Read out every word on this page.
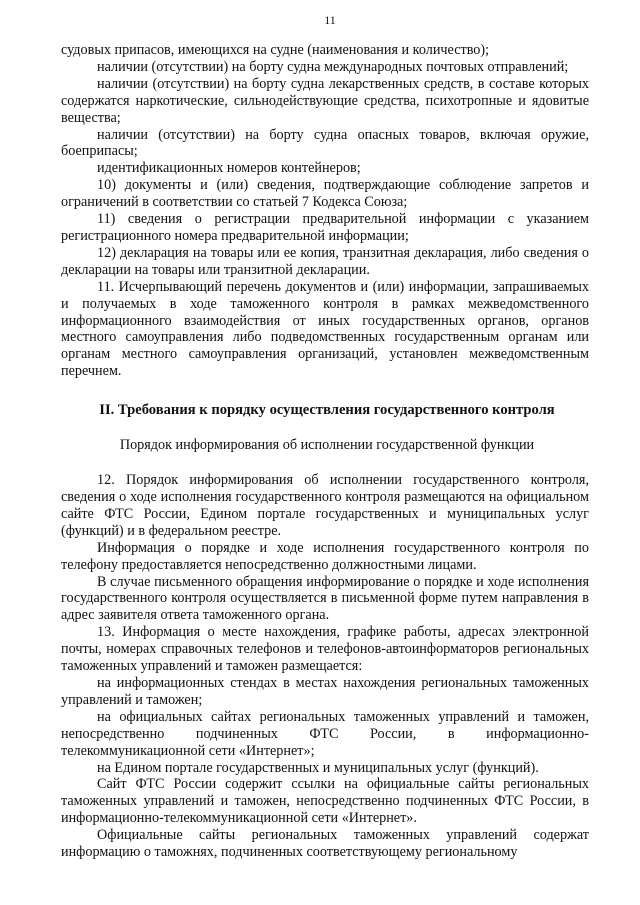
11

судовых припасов, имеющихся на судне (наименования и количество);

наличии (отсутствии) на борту судна международных почтовых отправлений;

наличии (отсутствии) на борту судна лекарственных средств, в составе которых содержатся наркотические, сильнодействующие средства, психотропные и ядовитые вещества;

наличии (отсутствии) на борту судна опасных товаров, включая оружие, боеприпасы;

идентификационных номеров контейнеров;

10) документы и (или) сведения, подтверждающие соблюдение запретов и ограничений в соответствии со статьей 7 Кодекса Союза;

11) сведения о регистрации предварительной информации с указанием регистрационного номера предварительной информации;

12) декларация на товары или ее копия, транзитная декларация, либо сведения о декларации на товары или транзитной декларации.

11. Исчерпывающий перечень документов и (или) информации, запрашиваемых и получаемых в ходе таможенного контроля в рамках межведомственного информационного взаимодействия от иных государственных органов, органов местного самоуправления либо подведомственных государственным органам или органам местного самоуправления организаций, установлен межведомственным перечнем.

II. Требования к порядку осуществления государственного контроля
Порядок информирования об исполнении государственной функции

12. Порядок информирования об исполнении государственного контроля, сведения о ходе исполнения государственного контроля размещаются на официальном сайте ФТС России, Едином портале государственных и муниципальных услуг (функций) и в федеральном реестре.

Информация о порядке и ходе исполнения государственного контроля по телефону предоставляется непосредственно должностными лицами.

В случае письменного обращения информирование о порядке и ходе исполнения государственного контроля осуществляется в письменной форме путем направления в адрес заявителя ответа таможенного органа.

13. Информация о месте нахождения, графике работы, адресах электронной почты, номерах справочных телефонов и телефонов-автоинформаторов региональных таможенных управлений и таможен размещается:

на информационных стендах в местах нахождения региональных таможенных управлений и таможен;

на официальных сайтах региональных таможенных управлений и таможен, непосредственно подчиненных ФТС России, в информационно-телекоммуникационной сети «Интернет»;

на Едином портале государственных и муниципальных услуг (функций).

Сайт ФТС России содержит ссылки на официальные сайты региональных таможенных управлений и таможен, непосредственно подчиненных ФТС России, в информационно-телекоммуникационной сети «Интернет».

Официальные сайты региональных таможенных управлений содержат информацию о таможнях, подчиненных соответствующему региональному
